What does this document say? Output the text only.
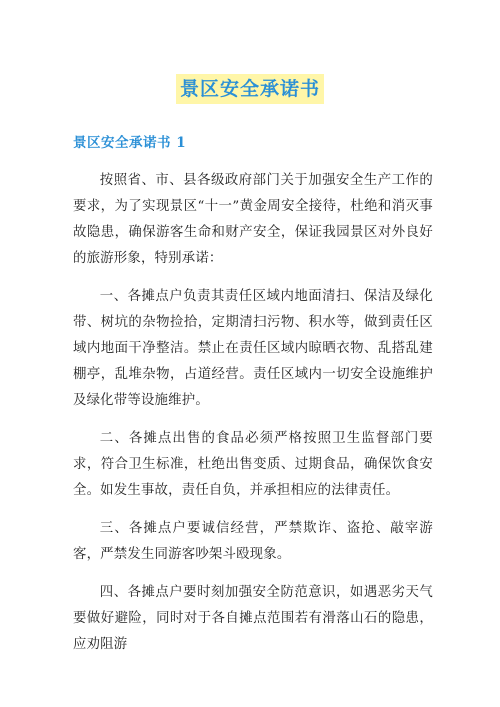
景区安全承诺书
景区安全承诺书 1

按照省、市、县各级政府部门关于加强安全生产工作的要求，为了实现景区“十一”黄金周安全接待，杜绝和消灭事故隐患，确保游客生命和财产安全，保证我园景区对外良好的旅游形象，特别承诺：

一、各摊点户负责其责任区域内地面清扫、保洁及绿化带、树坑的杂物捡拾，定期清扫污物、积水等，做到责任区域内地面干净整洁。禁止在责任区域内晾晒衣物、乱搭乱建棚亭，乱堆杂物，占道经营。责任区域内一切安全设施维护及绿化带等设施维护。

二、各摊点出售的食品必须严格按照卫生监督部门要求，符合卫生标准，杜绝出售变质、过期食品，确保饮食安全。如发生事故，责任自负，并承担相应的法律责任。

三、各摊点户要诚信经营，严禁欺诈、盗抢、敲宰游客，严禁发生同游客吵架斗殴现象。

四、各摊点户要时刻加强安全防范意识，如遇恶劣天气要做好避险，同时对于各自摊点范围若有滑落山石的隐患，应劝阻游
